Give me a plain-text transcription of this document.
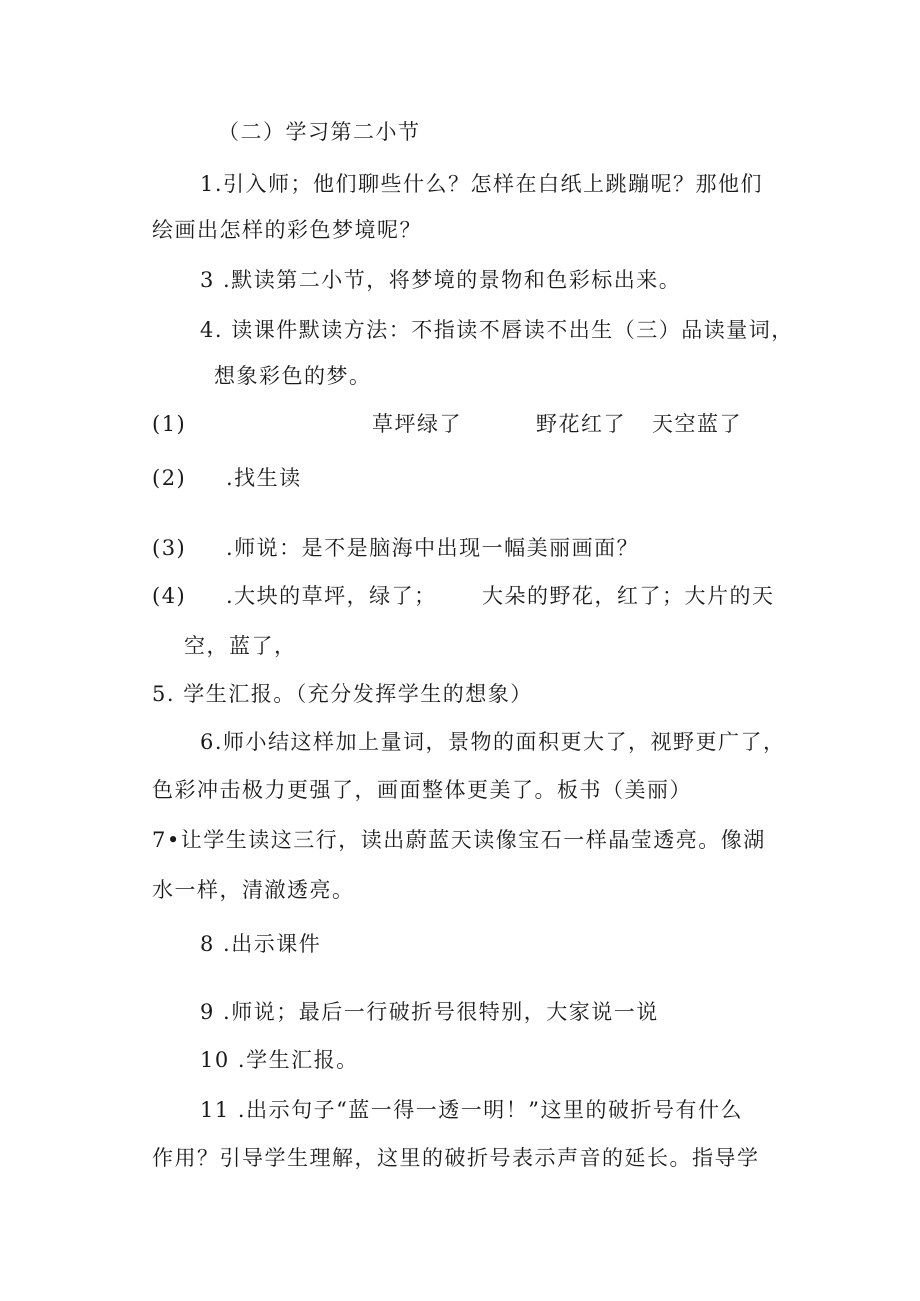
（二）学习第二小节
1.引入师；他们聊些什么？怎样在白纸上跳蹦呢？那他们
绘画出怎样的彩色梦境呢？
3 .默读第二小节，将梦境的景物和色彩标出来。
4. 读课件默读方法：不指读不唇读不出生（三）品读量词，
想象彩色的梦。
(1)	草坪绿了	野花红了 天空蓝了
(2) .找生读
(3) .师说：是不是脑海中出现一幅美丽画面？
(4) .大块的草坪，绿了； 大朵的野花，红了；大片的天
空，蓝了，
5. 学生汇报。（充分发挥学生的想象）
6.师小结这样加上量词，景物的面积更大了，视野更广了，
色彩冲击极力更强了，画面整体更美了。板书（美丽）
7•让学生读这三行，读出蔚蓝天读像宝石一样晶莹透亮。像湖
水一样，清澈透亮。
8 .出示课件
9 .师说；最后一行破折号很特别，大家说一说
10 .学生汇报。
11 .出示句子“蓝一得一透一明！”这里的破折号有什么
作用？引导学生理解，这里的破折号表示声音的延长。指导学
